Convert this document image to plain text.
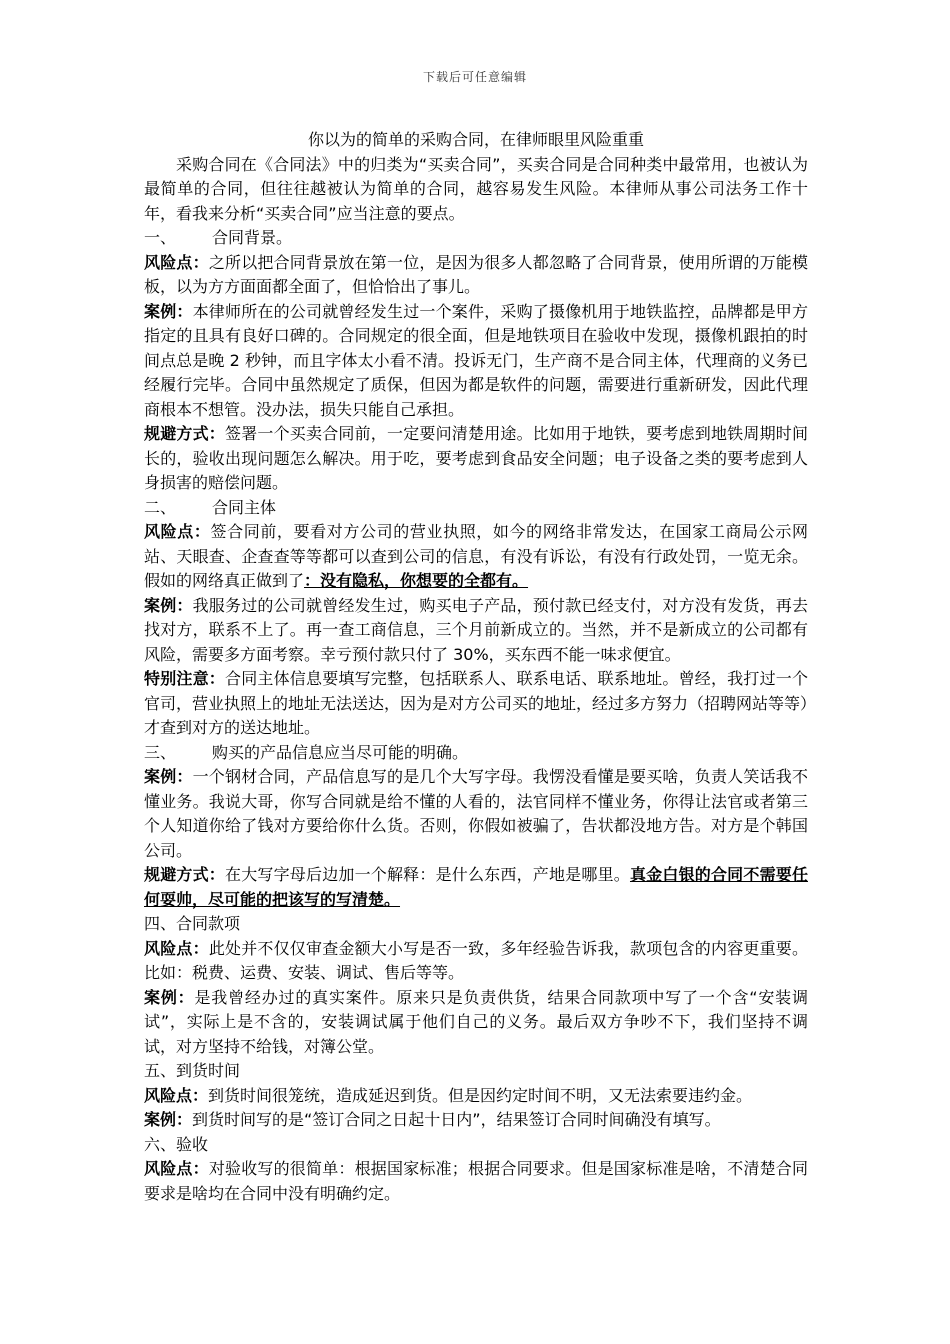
下载后可任意编辑

你以为的简单的采购合同，在律师眼里风险重重

采购合同在《合同法》中的归类为“买卖合同”，买卖合同是合同种类中最常用，也被认为最简单的合同，但往往越被认为简单的合同，越容易发生风险。本律师从事公司法务工作十年，看我来分析“买卖合同”应当注意的要点。

一、 合同背景。

风险点：之所以把合同背景放在第一位，是因为很多人都忽略了合同背景，使用所谓的万能模板，以为方方面面都全面了，但恰恰出了事儿。

案例：本律师所在的公司就曾经发生过一个案件，采购了摄像机用于地铁监控，品牌都是甲方指定的且具有良好口碑的。合同规定的很全面，但是地铁项目在验收中发现，摄像机跟拍的时间点总是晚 2 秒钟，而且字体太小看不清。投诉无门，生产商不是合同主体，代理商的义务已经履行完毕。合同中虽然规定了质保，但因为都是软件的问题，需要进行重新研发，因此代理商根本不想管。没办法，损失只能自己承担。

规避方式：签署一个买卖合同前，一定要问清楚用途。比如用于地铁，要考虑到地铁周期时间长的，验收出现问题怎么解决。用于吃，要考虑到食品安全问题；电子设备之类的要考虑到人身损害的赔偿问题。

二、 合同主体

风险点：签合同前，要看对方公司的营业执照，如今的网络非常发达，在国家工商局公示网站、天眼查、企查查等等都可以查到公司的信息，有没有诉讼，有没有行政处罚，一览无余。假如的网络真正做到了：没有隐私，你想要的全都有。

案例：我服务过的公司就曾经发生过，购买电子产品，预付款已经支付，对方没有发货，再去找对方，联系不上了。再一查工商信息，三个月前新成立的。当然，并不是新成立的公司都有风险，需要多方面考察。幸亏预付款只付了 30%，买东西不能一味求便宜。

特别注意：合同主体信息要填写完整，包括联系人、联系电话、联系地址。曾经，我打过一个官司，营业执照上的地址无法送达，因为是对方公司买的地址，经过多方努力（招聘网站等等）才查到对方的送达地址。

三、 购买的产品信息应当尽可能的明确。

案例：一个钢材合同，产品信息写的是几个大写字母。我愣没看懂是要买啥，负责人笑话我不懂业务。我说大哥，你写合同就是给不懂的人看的，法官同样不懂业务，你得让法官或者第三个人知道你给了钱对方要给你什么货。否则，你假如被骗了，告状都没地方告。对方是个韩国公司。

规避方式：在大写字母后边加一个解释：是什么东西，产地是哪里。真金白银的合同不需要任何耍帅，尽可能的把该写的写清楚。

四、合同款项

风险点：此处并不仅仅审查金额大小写是否一致，多年经验告诉我，款项包含的内容更重要。比如：税费、运费、安装、调试、售后等等。

案例：是我曾经办过的真实案件。原来只是负责供货，结果合同款项中写了一个含“安装调试”，实际上是不含的，安装调试属于他们自己的义务。最后双方争吵不下，我们坚持不调试，对方坚持不给钱，对簿公堂。

五、到货时间

风险点：到货时间很笼统，造成延迟到货。但是因约定时间不明，又无法索要违约金。

案例：到货时间写的是“签订合同之日起十日内”，结果签订合同时间确没有填写。

六、验收

风险点：对验收写的很简单：根据国家标准；根据合同要求。但是国家标准是啥，不清楚合同要求是啥均在合同中没有明确约定。
